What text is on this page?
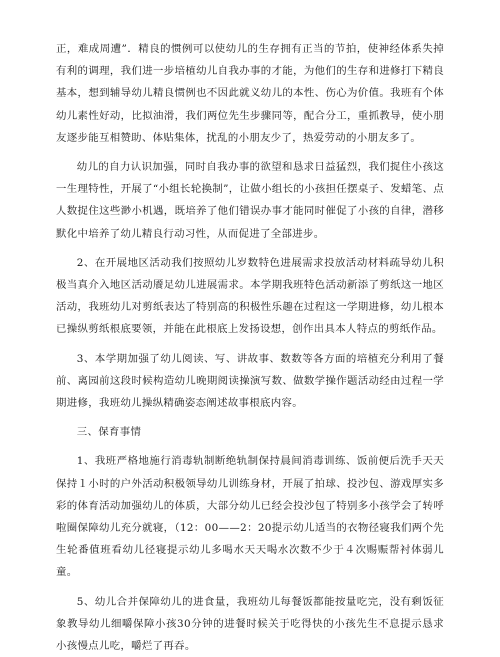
正，难成周遭”．精良的惯例可以使幼儿的生存拥有正当的节拍，使神经体系失掉有利的调理，我们进一步培植幼儿自我办事的才能，为他们的生存和进修打下精良基本，想到辅导幼儿精良惯例也不因此就义幼儿的本性、伤心为价值。我班有个体幼儿素性好动，比拟油滑，我们两位先生步骤同等，配合分工，重抓教导，使小朋友逐步能互相赞助、体贴集体，扰乱的小朋友少了，热爱劳动的小朋友多了。

幼儿的自力认识加强，同时自我办事的欲望和恳求日益猛烈，我们捉住小孩这一生理特性，开展了“小组长轮换制”，让做小组长的小孩担任摆桌子、发蜡笔、点人数捉住这些渺小机遇，既培养了他们错误办事才能同时催促了小孩的自律，潜移默化中培养了幼儿精良行动习性，从而促进了全部进步。

2、在开展地区活动我们按照幼儿岁数特色进展需求投放活动材料疏导幼儿积极当真介入地区活动餍足幼儿进展需求。本学期我班特色活动新添了剪纸这一地区活动，我班幼儿对剪纸表达了特别高的积极性乐趣在过程这一学期进修，幼儿根本已操纵剪纸根底要领，并能在此根底上发扬设想，创作出具本人特点的剪纸作品。

3、本学期加强了幼儿阅读、写、讲故事、数数等各方面的培植充分利用了餐前、离园前这段时候构造幼儿晚期阅读操演写数、做数学操作题活动经由过程一学期进修，我班幼儿操纵精确姿态阐述故事根底内容。

三、保育事情

1、我班严格地施行消毒轨制断绝轨制保持晨间消毒训练、饭前便后洗手天天保持１小时的户外活动积极领导幼儿训练身材，开展了拍球、投沙包、游戏厚实多彩的体育活动加强幼儿的体质，大部分幼儿已经会投沙包了特别多小孩学会了转呼啦圈保障幼儿充分就寝，（12：00——2：20提示幼儿适当的衣物径寝我们两个先生轮番值班看幼儿径寝提示幼儿多喝水天天喝水次数不少于４次赐赈帮衬体弱儿童。

5、幼儿合并保障幼儿的进食量，我班幼儿每餐饭都能按量吃完，没有剩饭征象教导幼儿细嚼保障小孩30分钟的进餐时候关于吃得快的小孩先生不息提示恳求小孩慢点儿吃，嚼烂了再吞。
